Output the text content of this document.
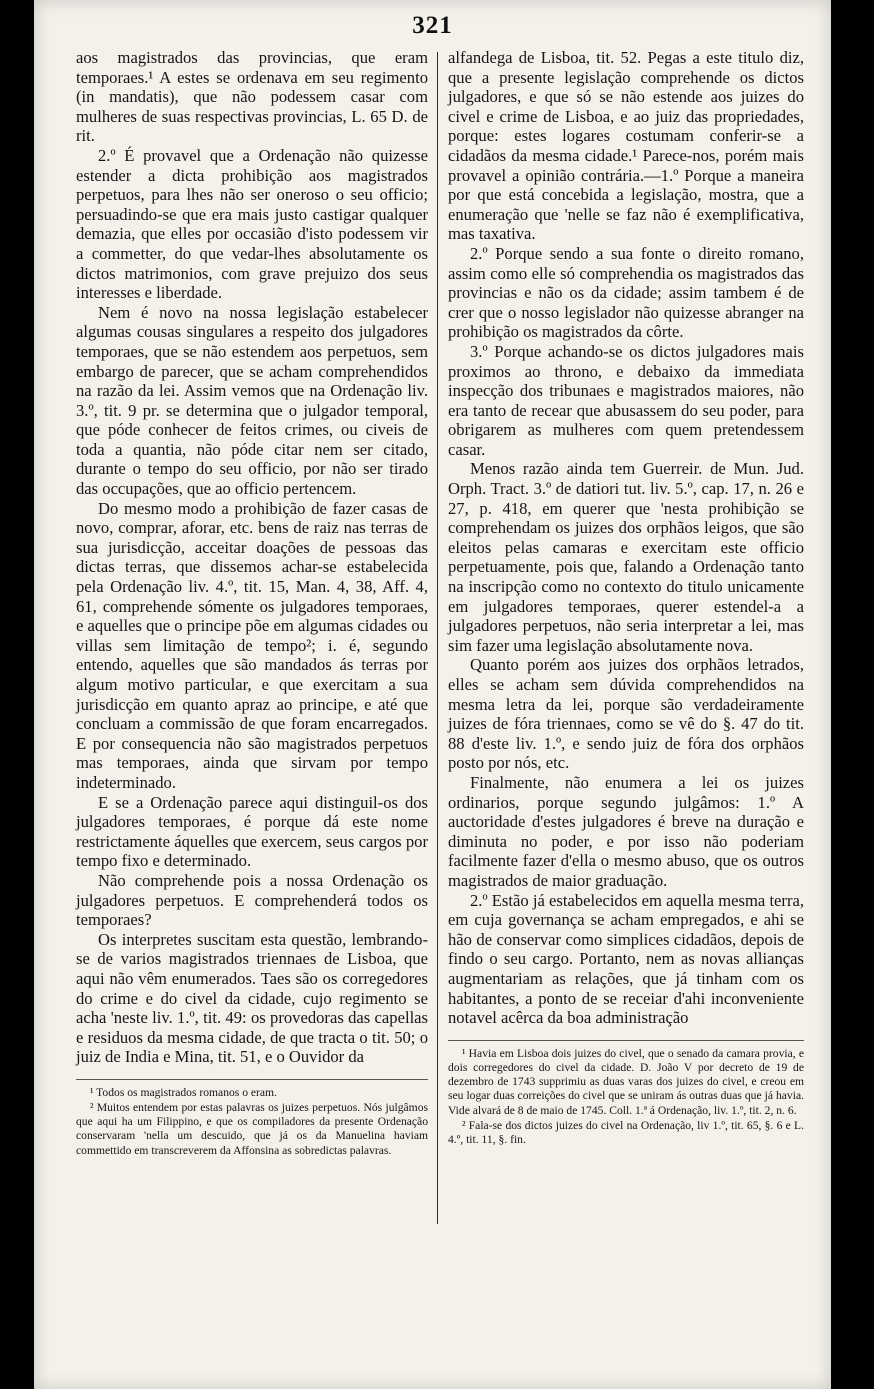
321

aos magistrados das provincias, que eram temporaes.¹ A estes se ordenava em seu regimento (in mandatis), que não podessem casar com mulheres de suas respectivas provincias, L. 65 D. de rit.

2.º É provavel que a Ordenação não quizesse estender a dicta prohibição aos magistrados perpetuos, para lhes não ser oneroso o seu officio; persuadindo-se que era mais justo castigar qualquer demazia, que elles por occasião d'isto podessem vir a commetter, do que vedar-lhes absolutamente os dictos matrimonios, com grave prejuizo dos seus interesses e liberdade.

Nem é novo na nossa legislação estabelecer algumas cousas singulares a respeito dos julgadores temporaes, que se não estendem aos perpetuos, sem embargo de parecer, que se acham comprehendidos na razão da lei. Assim vemos que na Ordenação liv. 3.º, tit. 9 pr. se determina que o julgador temporal, que póde conhecer de feitos crimes, ou civeis de toda a quantia, não póde citar nem ser citado, durante o tempo do seu officio, por não ser tirado das occupações, que ao officio pertencem.

Do mesmo modo a prohibição de fazer casas de novo, comprar, aforar, etc. bens de raiz nas terras de sua jurisdicção, acceitar doações de pessoas das dictas terras, que dissemos achar-se estabelecida pela Ordenação liv. 4.º, tit. 15, Man. 4, 38, Aff. 4, 61, comprehende sómente os julgadores temporaes, e aquelles que o principe põe em algumas cidades ou villas sem limitação de tempo²; i. é, segundo entendo, aquelles que são mandados ás terras por algum motivo particular, e que exercitam a sua jurisdicção em quanto apraz ao principe, e até que concluam a commissão de que foram encarregados. E por consequencia não são magistrados perpetuos mas temporaes, ainda que sirvam por tempo indeterminado.

E se a Ordenação parece aqui distinguil-os dos julgadores temporaes, é porque dá este nome restrictamente áquelles que exercem, seus cargos por tempo fixo e determinado.

Não comprehende pois a nossa Ordenação os julgadores perpetuos. E comprehenderá todos os temporaes?

Os interpretes suscitam esta questão, lembrando-se de varios magistrados triennaes de Lisboa, que aqui não vêm enumerados. Taes são os corregedores do crime e do civel da cidade, cujo regimento se acha 'neste liv. 1.º, tit. 49: os provedoras das capellas e residuos da mesma cidade, de que tracta o tit. 50; o juiz de India e Mina, tit. 51, e o Ouvidor da

¹ Todos os magistrados romanos o eram.

² Muitos entendem por estas palavras os juizes perpetuos. Nós julgâmos que aqui ha um Filippino, e que os compiladores da presente Ordenação conservaram 'nella um descuido, que já os da Manuelina haviam commettido em transcreverem da Affonsina as sobredictas palavras.

alfandega de Lisboa, tit. 52. Pegas a este titulo diz, que a presente legislação comprehende os dictos julgadores, e que só se não estende aos juizes do civel e crime de Lisboa, e ao juiz das propriedades, porque: estes logares costumam conferir-se a cidadãos da mesma cidade.¹ Parece-nos, porém mais provavel a opinião contrária.—1.º Porque a maneira por que está concebida a legislação, mostra, que a enumeração que 'nelle se faz não é exemplificativa, mas taxativa.

2.º Porque sendo a sua fonte o direito romano, assim como elle só comprehendia os magistrados das provincias e não os da cidade; assim tambem é de crer que o nosso legislador não quizesse abranger na prohibição os magistrados da côrte.

3.º Porque achando-se os dictos julgadores mais proximos ao throno, e debaixo da immediata inspecção dos tribunaes e magistrados maiores, não era tanto de recear que abusassem do seu poder, para obrigarem as mulheres com quem pretendessem casar.

Menos razão ainda tem Guerreir. de Mun. Jud. Orph. Tract. 3.º de datiori tut. liv. 5.º, cap. 17, n. 26 e 27, p. 418, em querer que 'nesta prohibição se comprehendam os juizes dos orphãos leigos, que são eleitos pelas camaras e exercitam este officio perpetuamente, pois que, falando a Ordenação tanto na inscripção como no contexto do titulo unicamente em julgadores temporaes, querer estendel-a a julgadores perpetuos, não seria interpretar a lei, mas sim fazer uma legislação absolutamente nova.

Quanto porém aos juizes dos orphãos letrados, elles se acham sem dúvida comprehendidos na mesma letra da lei, porque são verdadeiramente juizes de fóra triennaes, como se vê do §. 47 do tit. 88 d'este liv. 1.º, e sendo juiz de fóra dos orphãos posto por nós, etc.

Finalmente, não enumera a lei os juizes ordinarios, porque segundo julgâmos: 1.º A auctoridade d'estes julgadores é breve na duração e diminuta no poder, e por isso não poderiam facilmente fazer d'ella o mesmo abuso, que os outros magistrados de maior graduação.

2.º Estão já estabelecidos em aquella mesma terra, em cuja governança se acham empregados, e ahi se hão de conservar como simplices cidadãos, depois de findo o seu cargo. Portanto, nem as novas allianças augmentariam as relações, que já tinham com os habitantes, a ponto de se receiar d'ahi inconveniente notavel acêrca da boa administração

¹ Havia em Lisboa dois juizes do civel, que o senado da camara provia, e dois corregedores do civel da cidade. D. João V por decreto de 19 de dezembro de 1743 supprimiu as duas varas dos juizes do civel, e creou em seu logar duas correições do civel que se uniram ás outras duas que já havia. Vide alvará de 8 de maio de 1745. Coll. 1.ª á Ordenação, liv. 1.º, tit. 2, n. 6.

² Fala-se dos dictos juizes do civel na Ordenação, liv 1.º, tit. 65, §. 6 e L. 4.º, tit. 11, §. fin.
